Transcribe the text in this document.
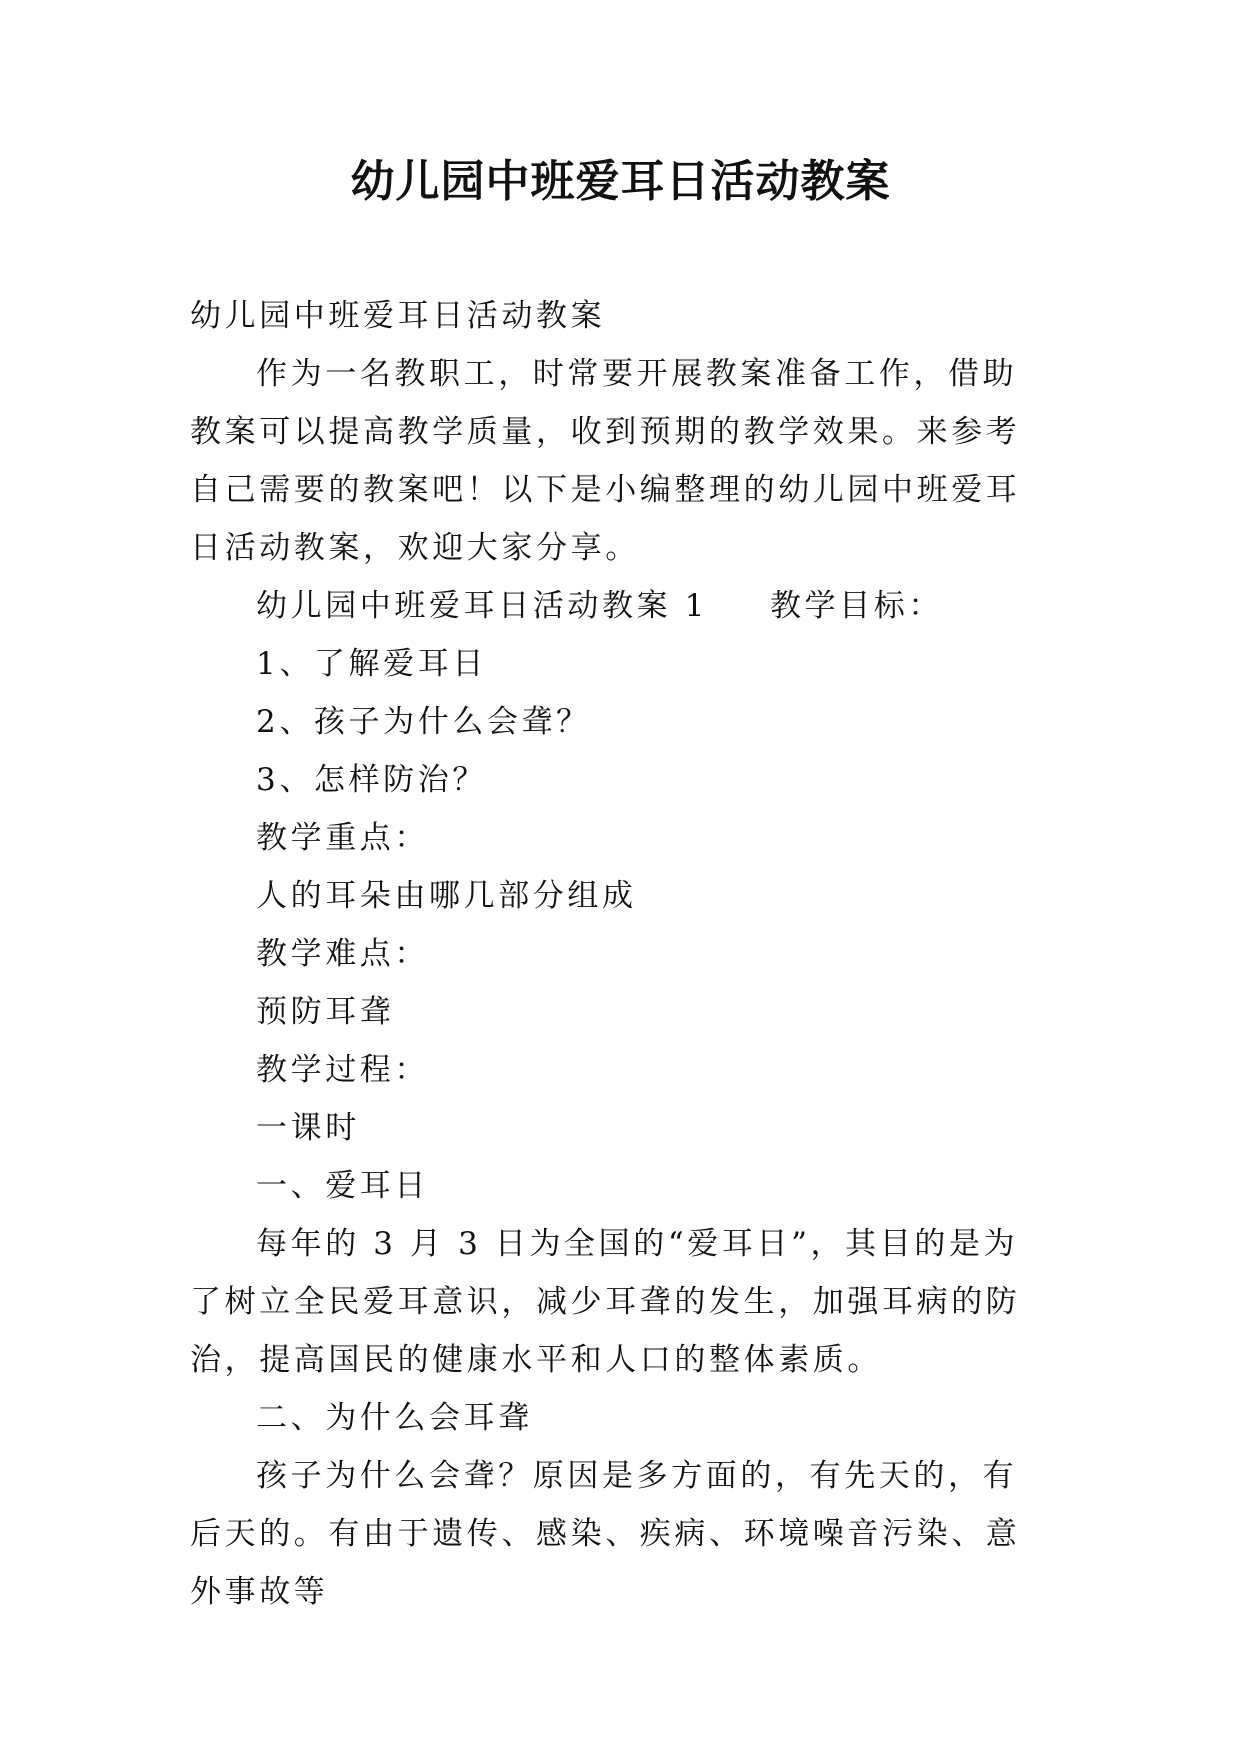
幼儿园中班爱耳日活动教案

幼儿园中班爱耳日活动教案

作为一名教职工，时常要开展教案准备工作，借助教案可以提高教学质量，收到预期的教学效果。来参考自己需要的教案吧！以下是小编整理的幼儿园中班爱耳日活动教案，欢迎大家分享。

幼儿园中班爱耳日活动教案 1 教学目标：

1、了解爱耳日

2、孩子为什么会聋？

3、怎样防治？

教学重点：

人的耳朵由哪几部分组成

教学难点：

预防耳聋

教学过程：

一课时

一、爱耳日

每年的 3 月 3 日为全国的“爱耳日”，其目的是为了树立全民爱耳意识，减少耳聋的发生，加强耳病的防治，提高国民的健康水平和人口的整体素质。

二、为什么会耳聋

孩子为什么会聋？原因是多方面的，有先天的，有后天的。有由于遗传、感染、疾病、环境噪音污染、意外事故等
